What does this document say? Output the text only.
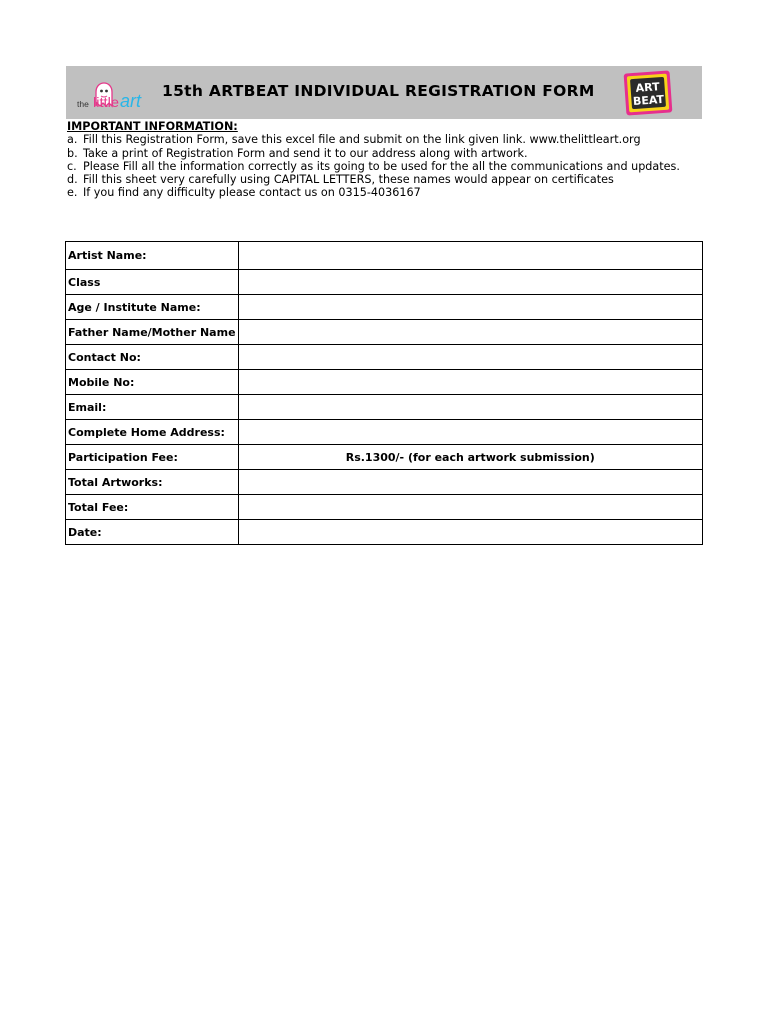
the little art 15th ARTBEAT INDIVIDUAL REGISTRATION FORM	ART
BEAT
IMPORTANT INFORMATION:
a. Fill this Registration Form, save this excel file and submit on the link given link. www.thelittleart.org
b. Take a print of Registration Form and send it to our address along with artwork.
c. Please Fill all the information correctly as its going to be used for the all the communications and updates.
d. Fill this sheet very carefully using CAPITAL LETTERS, these names would appear on certificates
e. If you find any difficulty please contact us on 0315-4036167
Artist Name:	
Class	
Age / Institute Name:	
Father Name/Mother Name	
Contact No:	
Mobile No:	
Email:	
Complete Home Address:	
Participation Fee:	Rs.1300/- (for each artwork submission)
Total Artworks:	
Total Fee:	
Date:	
